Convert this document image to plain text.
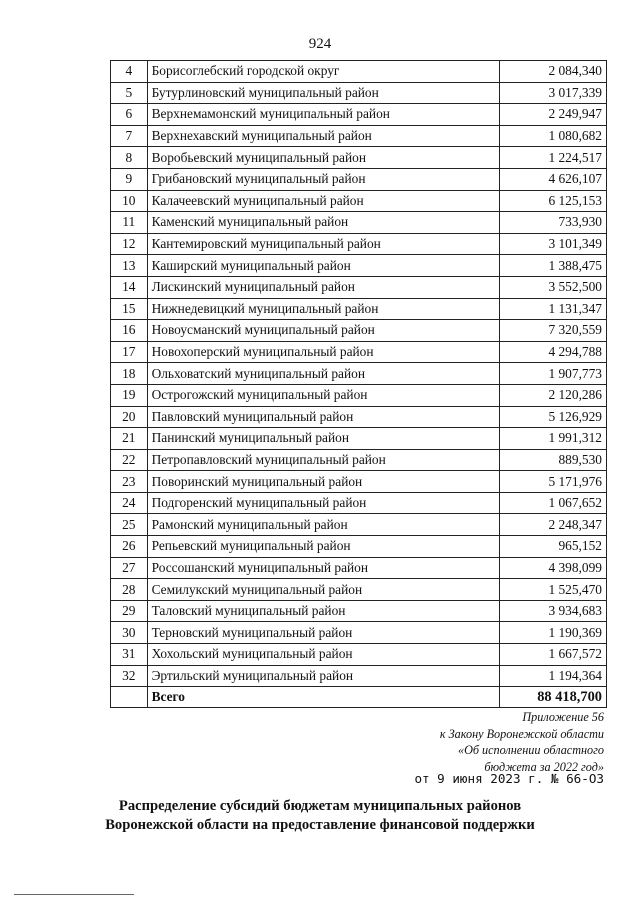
924
4	Борисоглебский городской округ	2 084,340
5	Бутурлиновский муниципальный район	3 017,339
6	Верхнемамонский муниципальный район	2 249,947
7	Верхнехавский муниципальный район	1 080,682
8	Воробьевский муниципальный район	1 224,517
9	Грибановский муниципальный район	4 626,107
10	Калачеевский муниципальный район	6 125,153
11	Каменский муниципальный район	733,930
12	Кантемировский муниципальный район	3 101,349
13	Каширский муниципальный район	1 388,475
14	Лискинский муниципальный район	3 552,500
15	Нижнедевицкий муниципальный район	1 131,347
16	Новоусманский муниципальный район	7 320,559
17	Новохоперский муниципальный район	4 294,788
18	Ольховатский муниципальный район	1 907,773
19	Острогожский муниципальный район	2 120,286
20	Павловский муниципальный район	5 126,929
21	Панинский муниципальный район	1 991,312
22	Петропавловский муниципальный район	889,530
23	Поворинский муниципальный район	5 171,976
24	Подгоренский муниципальный район	1 067,652
25	Рамонский муниципальный район	2 248,347
26	Репьевский муниципальный район	965,152
27	Россошанский муниципальный район	4 398,099
28	Семилукский муниципальный район	1 525,470
29	Таловский муниципальный район	3 934,683
30	Терновский муниципальный район	1 190,369
31	Хохольский муниципальный район	1 667,572
32	Эртильский муниципальный район	1 194,364
	Всего	88 418,700
Приложение 56
к Закону Воронежской области
«Об исполнении областного
бюджета за 2022 год»
от 9 июня 2023 г. № 66-ОЗ
Распределение субсидий бюджетам муниципальных районов
Воронежской области на предоставление финансовой поддержки
